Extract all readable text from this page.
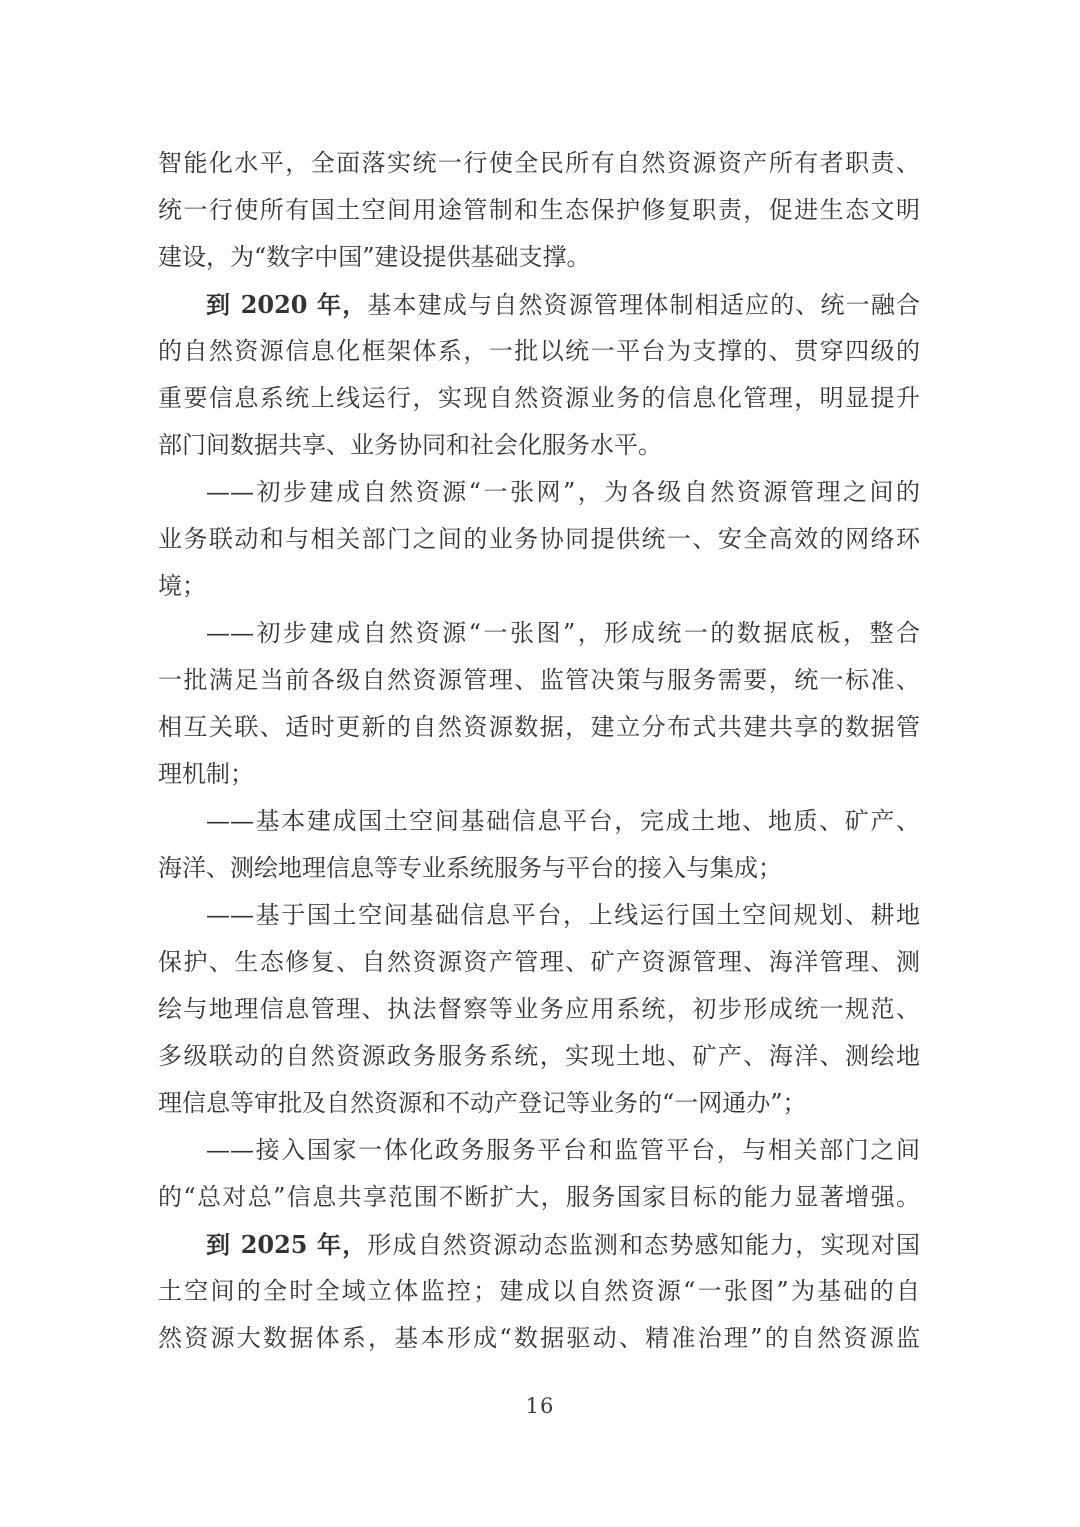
智能化水平，全面落实统一行使全民所有自然资源资产所有者职责、
统一行使所有国土空间用途管制和生态保护修复职责，促进生态文明
建设，为“数字中国”建设提供基础支撑。
到 2020 年，基本建成与自然资源管理体制相适应的、统一融合
的自然资源信息化框架体系，一批以统一平台为支撑的、贯穿四级的
重要信息系统上线运行，实现自然资源业务的信息化管理，明显提升
部门间数据共享、业务协同和社会化服务水平。
——初步建成自然资源“一张网”，为各级自然资源管理之间的
业务联动和与相关部门之间的业务协同提供统一、安全高效的网络环
境；
——初步建成自然资源“一张图”，形成统一的数据底板，整合
一批满足当前各级自然资源管理、监管决策与服务需要，统一标准、
相互关联、适时更新的自然资源数据，建立分布式共建共享的数据管
理机制；
——基本建成国土空间基础信息平台，完成土地、地质、矿产、
海洋、测绘地理信息等专业系统服务与平台的接入与集成；
——基于国土空间基础信息平台，上线运行国土空间规划、耕地
保护、生态修复、自然资源资产管理、矿产资源管理、海洋管理、测
绘与地理信息管理、执法督察等业务应用系统，初步形成统一规范、
多级联动的自然资源政务服务系统，实现土地、矿产、海洋、测绘地
理信息等审批及自然资源和不动产登记等业务的“一网通办”；
——接入国家一体化政务服务平台和监管平台，与相关部门之间
的“总对总”信息共享范围不断扩大，服务国家目标的能力显著增强。
到 2025 年，形成自然资源动态监测和态势感知能力，实现对国
土空间的全时全域立体监控；建成以自然资源“一张图”为基础的自
然资源大数据体系，基本形成“数据驱动、精准治理”的自然资源监
16
